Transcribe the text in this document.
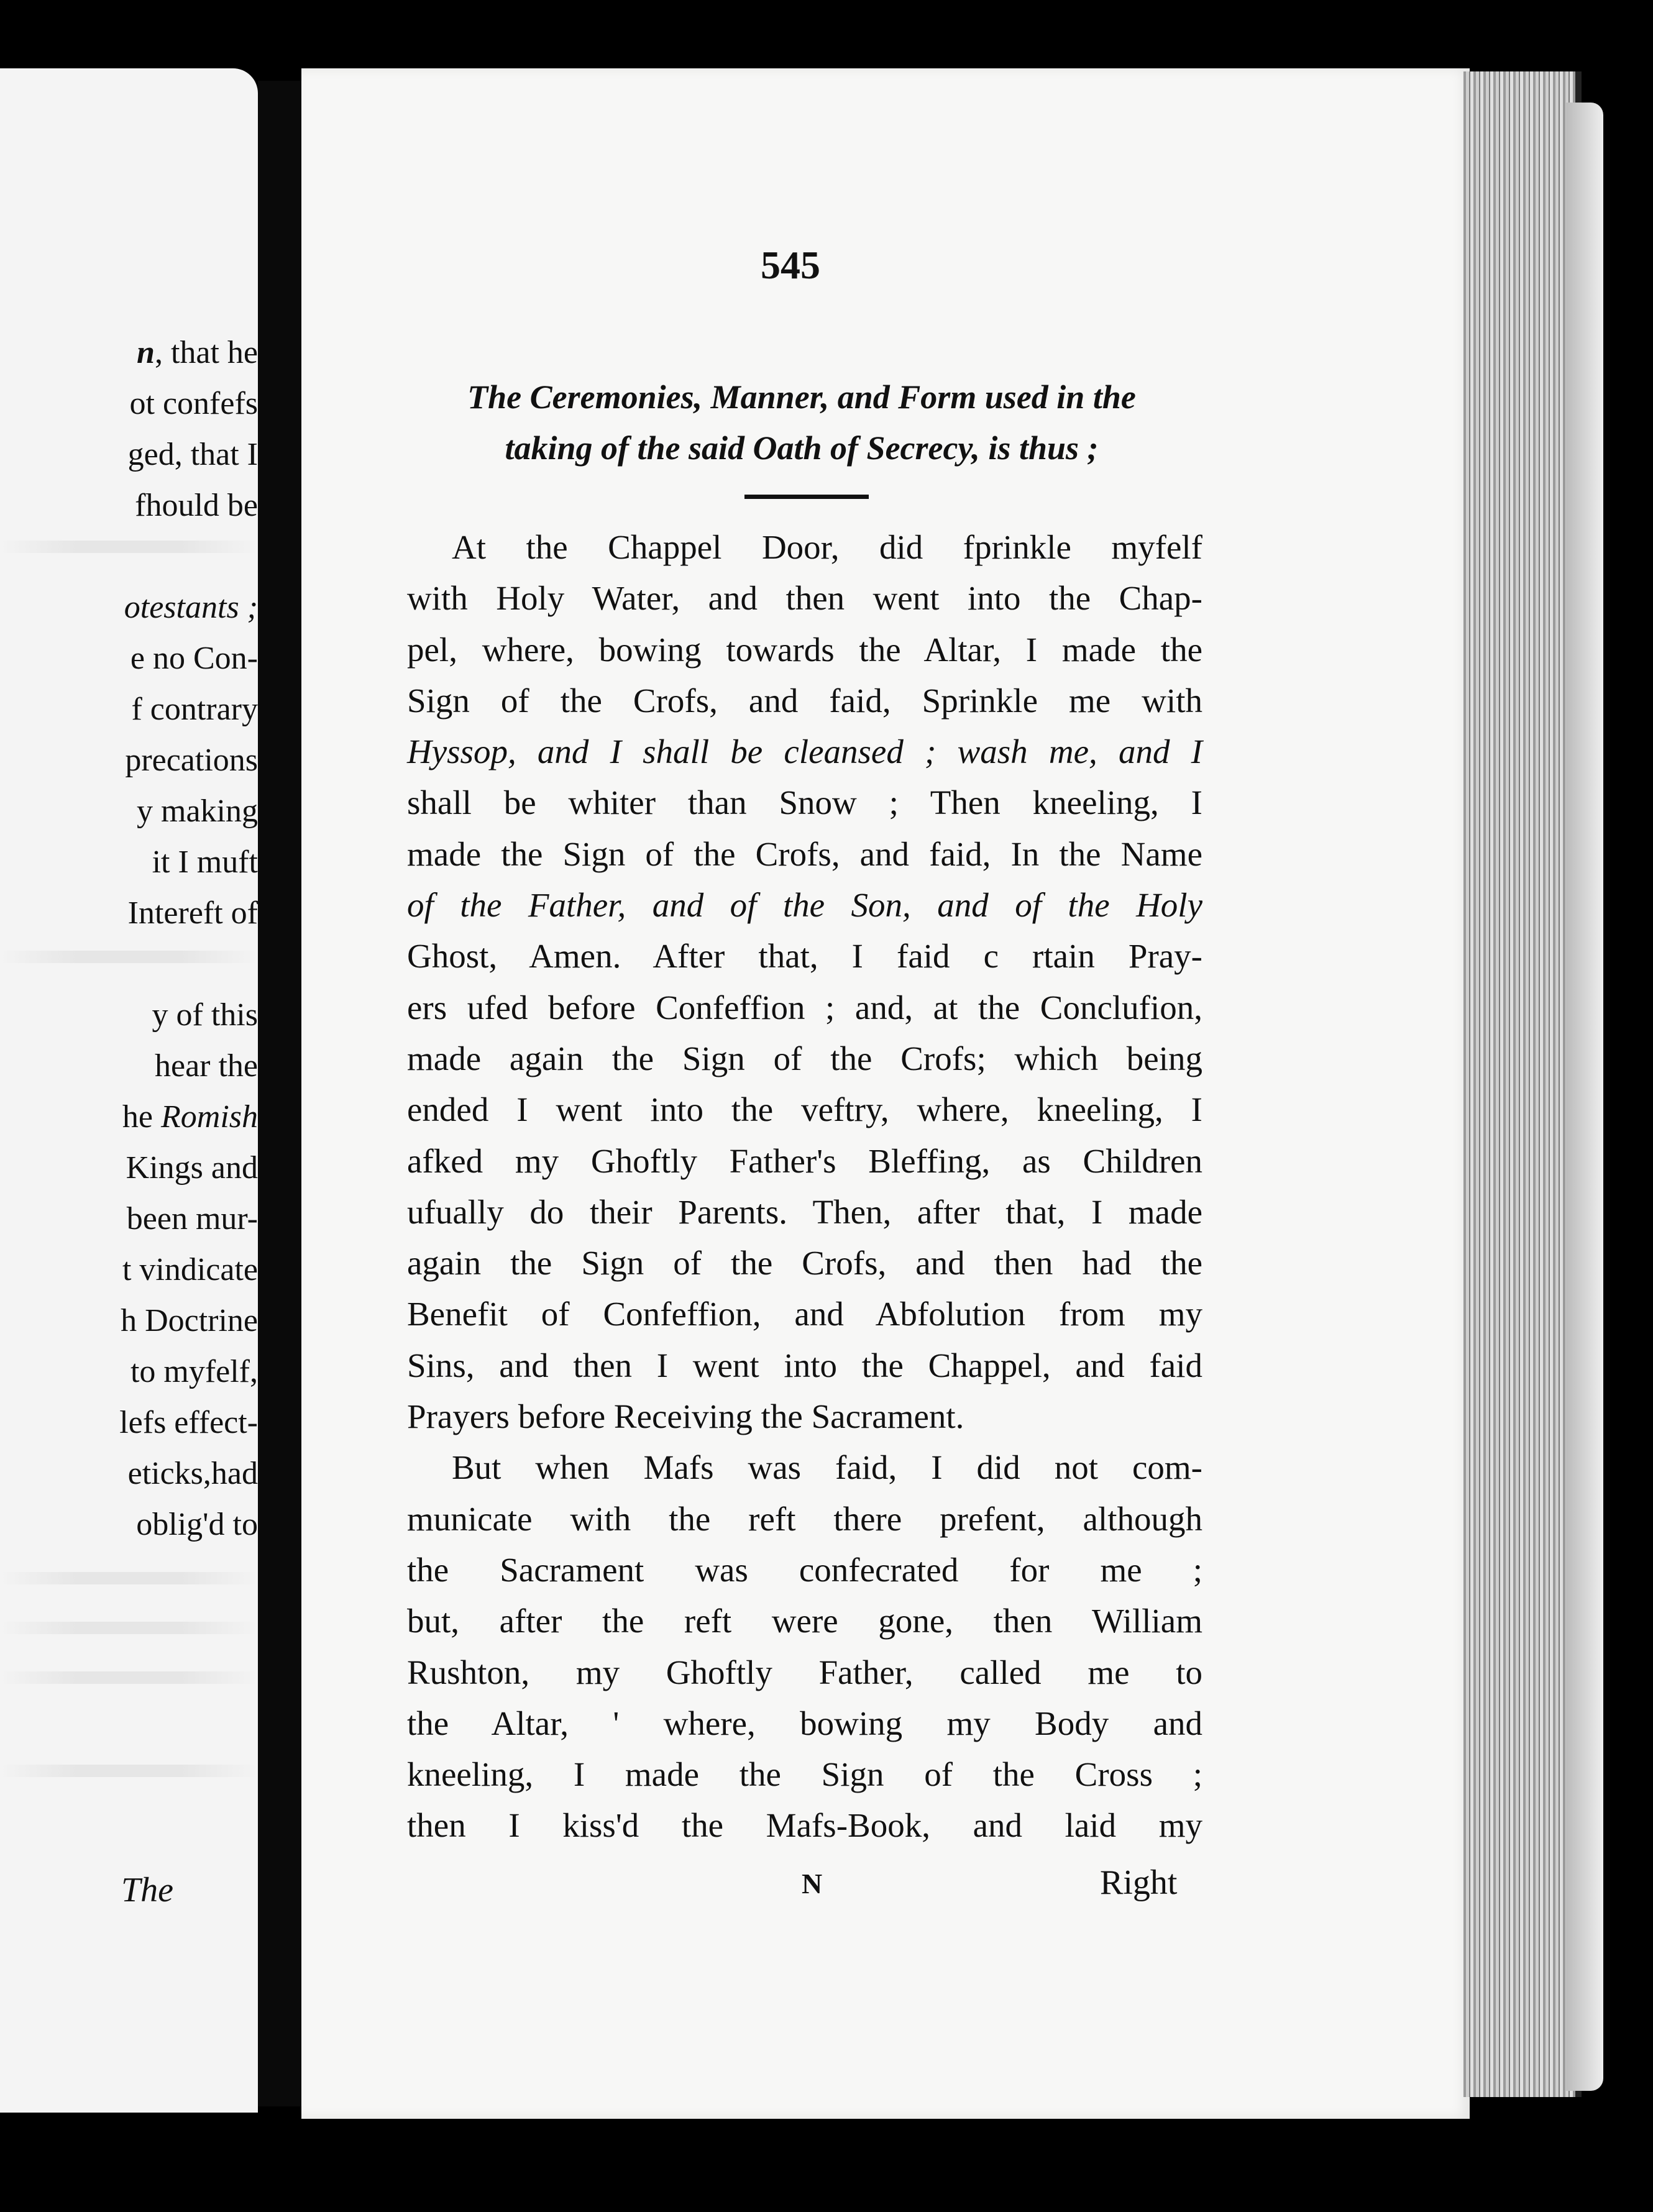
n, that he
ot confefs
ged, that I
fhould be
otestants ;
e no Con-
f contrary
precations
y making
it I muft
Intereft of
y of this
hear the
he Romish
Kings and
been mur-
t vindicate
h Doctrine
to myfelf,
lefs effect-
eticks,had
oblig'd to
The
545
The Ceremonies, Manner, and Form used in the
taking of the said Oath of Secrecy, is thus ;
At the Chappel Door, did fprinkle myfelf
with Holy Water, and then went into the Chap-
pel, where, bowing towards the Altar, I made the
Sign of the Crofs, and faid, Sprinkle me with
Hyssop, and I shall be cleansed ; wash me, and I
shall be whiter than Snow ; Then kneeling, I
made the Sign of the Crofs, and faid, In the Name
of the Father, and of the Son, and of the Holy
Ghost, Amen. After that, I faid c rtain Pray-
ers ufed before Confeffion ; and, at the Conclufion,
made again the Sign of the Crofs; which being
ended I went into the veftry, where, kneeling, I
afked my Ghoftly Father's Bleffing, as Children
ufually do their Parents. Then, after that, I made
again the Sign of the Crofs, and then had the
Benefit of Confeffion, and Abfolution from my
Sins, and then I went into the Chappel, and faid
Prayers before Receiving the Sacrament.
But when Mafs was faid, I did not com-
municate with the reft there prefent, although
the Sacrament was confecrated for me ;
but, after the reft were gone, then William
Rushton, my Ghoftly Father, called me to
the Altar, ' where, bowing my Body and
kneeling, I made the Sign of the Cross ;
then I kiss'd the Mafs-Book, and laid my
N	Right
